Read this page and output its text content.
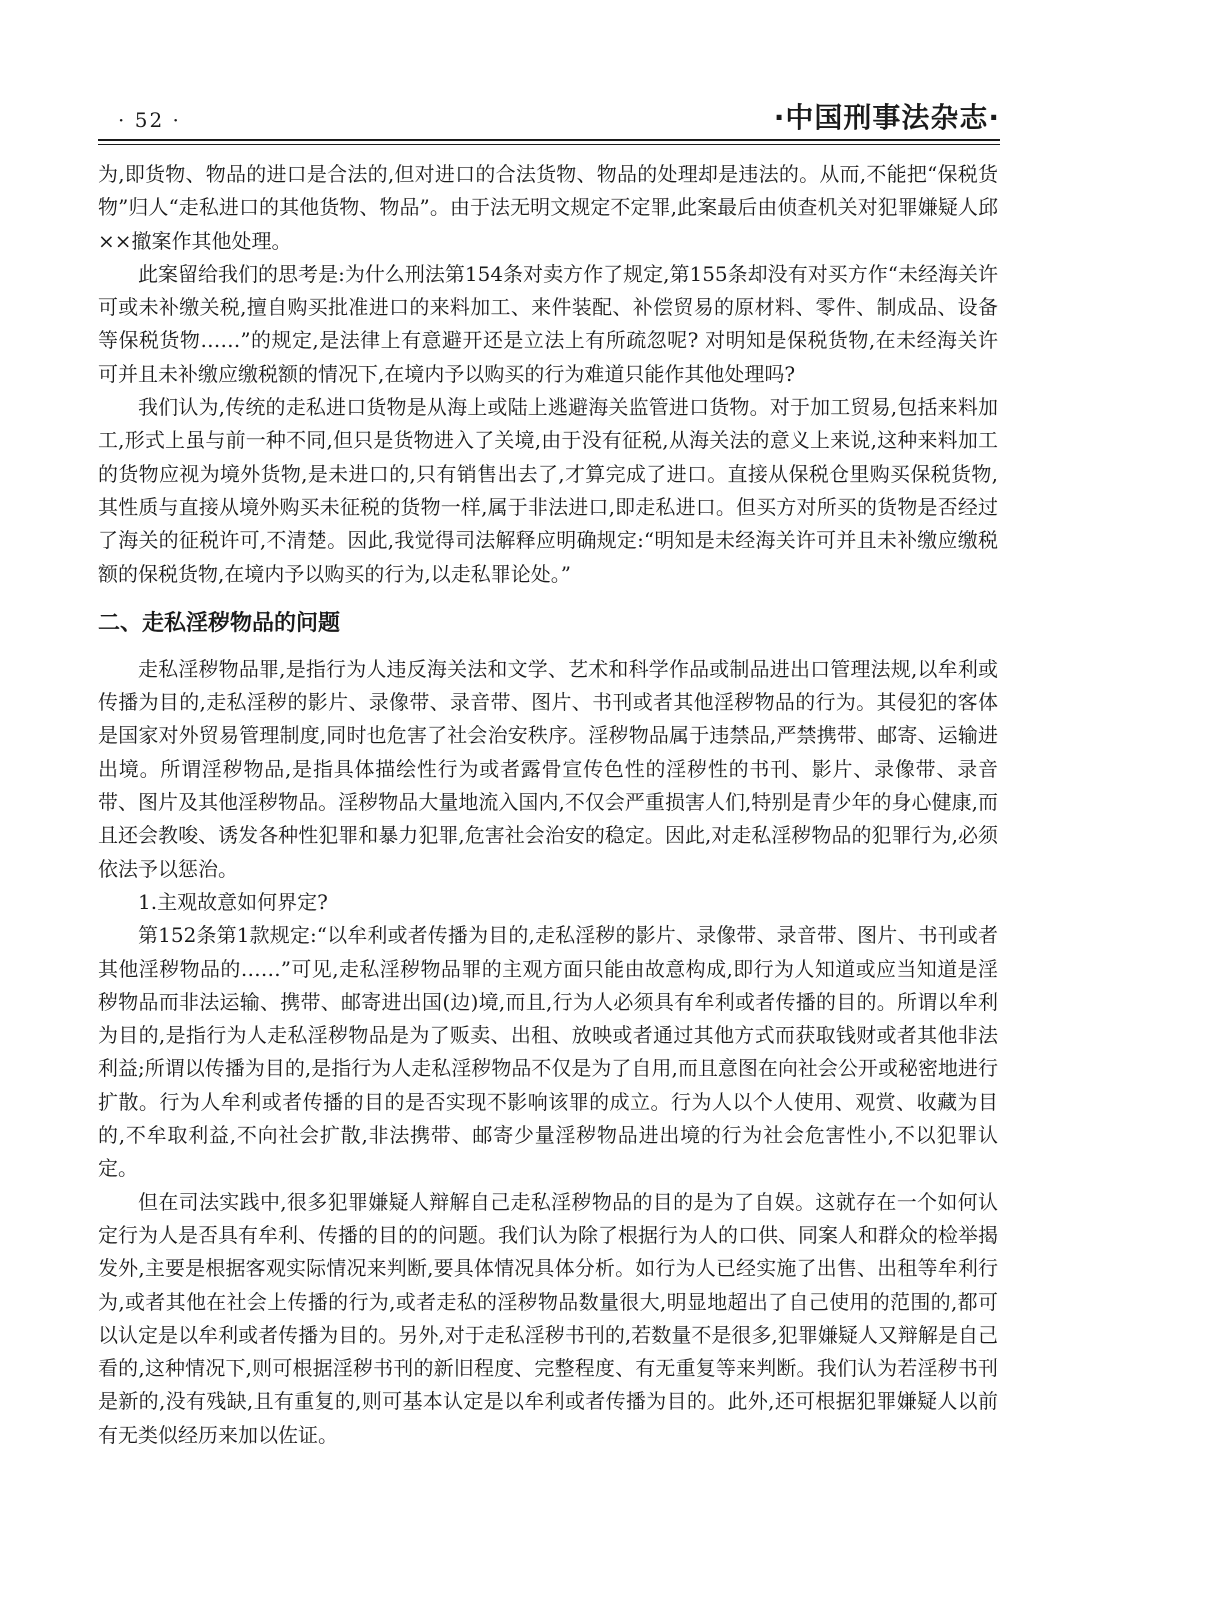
· 52 ·	·中国刑事法杂志·

为,即货物、物品的进口是合法的,但对进口的合法货物、物品的处理却是违法的。从而,不能把“保税货物”归人“走私进口的其他货物、物品”。由于法无明文规定不定罪,此案最后由侦查机关对犯罪嫌疑人邱××撤案作其他处理。

此案留给我们的思考是:为什么刑法第154条对卖方作了规定,第155条却没有对买方作“未经海关许可或未补缴关税,擅自购买批准进口的来料加工、来件装配、补偿贸易的原材料、零件、制成品、设备等保税货物……”的规定,是法律上有意避开还是立法上有所疏忽呢? 对明知是保税货物,在未经海关许可并且未补缴应缴税额的情况下,在境内予以购买的行为难道只能作其他处理吗?

我们认为,传统的走私进口货物是从海上或陆上逃避海关监管进口货物。对于加工贸易,包括来料加工,形式上虽与前一种不同,但只是货物进入了关境,由于没有征税,从海关法的意义上来说,这种来料加工的货物应视为境外货物,是未进口的,只有销售出去了,才算完成了进口。直接从保税仓里购买保税货物,其性质与直接从境外购买未征税的货物一样,属于非法进口,即走私进口。但买方对所买的货物是否经过了海关的征税许可,不清楚。因此,我觉得司法解释应明确规定:“明知是未经海关许可并且未补缴应缴税额的保税货物,在境内予以购买的行为,以走私罪论处。”

二、走私淫秽物品的问题

走私淫秽物品罪,是指行为人违反海关法和文学、艺术和科学作品或制品进出口管理法规,以牟利或传播为目的,走私淫秽的影片、录像带、录音带、图片、书刊或者其他淫秽物品的行为。其侵犯的客体是国家对外贸易管理制度,同时也危害了社会治安秩序。淫秽物品属于违禁品,严禁携带、邮寄、运输进出境。所谓淫秽物品,是指具体描绘性行为或者露骨宣传色性的淫秽性的书刊、影片、录像带、录音带、图片及其他淫秽物品。淫秽物品大量地流入国内,不仅会严重损害人们,特别是青少年的身心健康,而且还会教唆、诱发各种性犯罪和暴力犯罪,危害社会治安的稳定。因此,对走私淫秽物品的犯罪行为,必须依法予以惩治。

1.主观故意如何界定?

第152条第1款规定:“以牟利或者传播为目的,走私淫秽的影片、录像带、录音带、图片、书刊或者其他淫秽物品的……”可见,走私淫秽物品罪的主观方面只能由故意构成,即行为人知道或应当知道是淫秽物品而非法运输、携带、邮寄进出国(边)境,而且,行为人必须具有牟利或者传播的目的。所谓以牟利为目的,是指行为人走私淫秽物品是为了贩卖、出租、放映或者通过其他方式而获取钱财或者其他非法利益;所谓以传播为目的,是指行为人走私淫秽物品不仅是为了自用,而且意图在向社会公开或秘密地进行扩散。行为人牟利或者传播的目的是否实现不影响该罪的成立。行为人以个人使用、观赏、收藏为目的,不牟取利益,不向社会扩散,非法携带、邮寄少量淫秽物品进出境的行为社会危害性小,不以犯罪认定。

但在司法实践中,很多犯罪嫌疑人辩解自己走私淫秽物品的目的是为了自娱。这就存在一个如何认定行为人是否具有牟利、传播的目的的问题。我们认为除了根据行为人的口供、同案人和群众的检举揭发外,主要是根据客观实际情况来判断,要具体情况具体分析。如行为人已经实施了出售、出租等牟利行为,或者其他在社会上传播的行为,或者走私的淫秽物品数量很大,明显地超出了自己使用的范围的,都可以认定是以牟利或者传播为目的。另外,对于走私淫秽书刊的,若数量不是很多,犯罪嫌疑人又辩解是自己看的,这种情况下,则可根据淫秽书刊的新旧程度、完整程度、有无重复等来判断。我们认为若淫秽书刊是新的,没有残缺,且有重复的,则可基本认定是以牟利或者传播为目的。此外,还可根据犯罪嫌疑人以前有无类似经历来加以佐证。
